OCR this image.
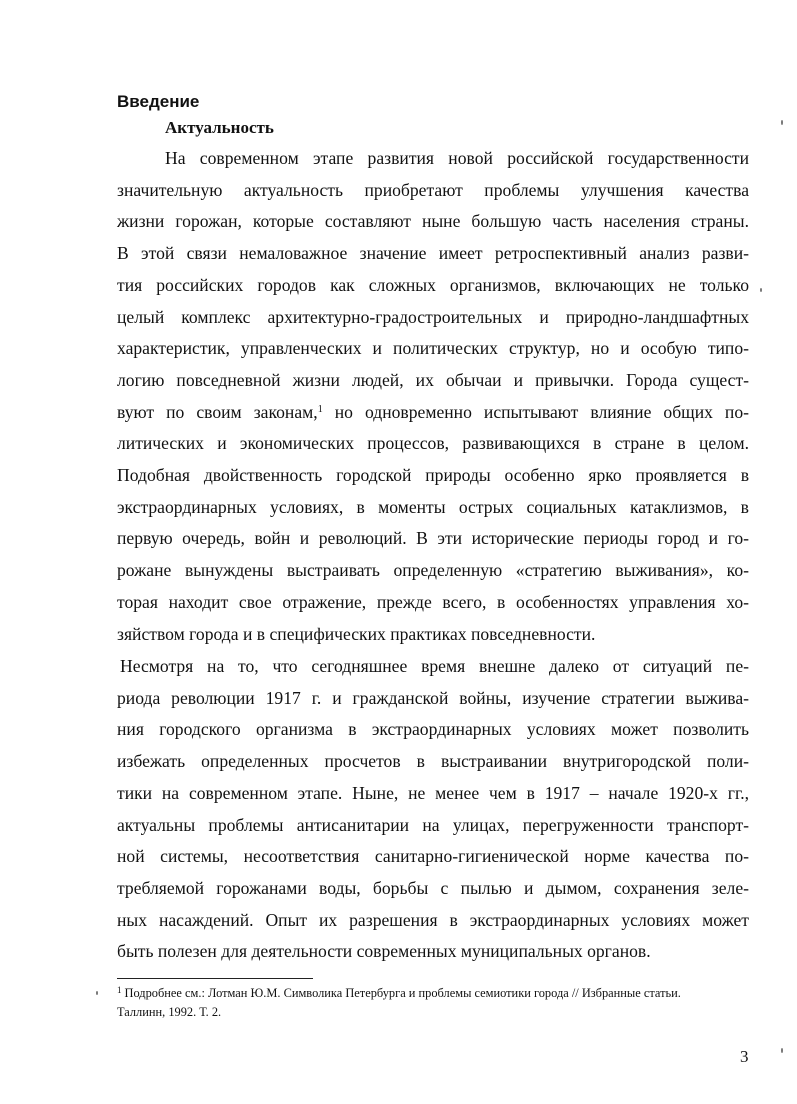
Введение
Актуальность
На современном этапе развития новой российской государственности
значительную актуальность приобретают проблемы улучшения качества
жизни горожан, которые составляют ныне большую часть населения страны.
В этой связи немаловажное значение имеет ретроспективный анализ разви-
тия российских городов как сложных организмов, включающих не только
целый комплекс архитектурно-градостроительных и природно-ландшафтных
характеристик, управленческих и политических структур, но и особую типо-
логию повседневной жизни людей, их обычаи и привычки. Города сущест-
вуют по своим законам,$^1$ но одновременно испытывают влияние общих по-
литических и экономических процессов, развивающихся в стране в целом.
Подобная двойственность городской природы особенно ярко проявляется в
экстраординарных условиях, в моменты острых социальных катаклизмов, в
первую очередь, войн и революций. В эти исторические периоды город и го-
рожане вынуждены выстраивать определенную «стратегию выживания», ко-
торая находит свое отражение, прежде всего, в особенностях управления хо-
зяйством города и в специфических практиках повседневности.
Несмотря на то, что сегодняшнее время внешне далеко от ситуаций пе-
риода революции 1917 г. и гражданской войны, изучение стратегии выжива-
ния городского организма в экстраординарных условиях может позволить
избежать определенных просчетов в выстраивании внутригородской поли-
тики на современном этапе. Ныне, не менее чем в 1917 – начале 1920-х гг.,
актуальны проблемы антисанитарии на улицах, перегруженности транспорт-
ной системы, несоответствия санитарно-гигиенической норме качества по-
требляемой горожанами воды, борьбы с пылью и дымом, сохранения зеле-
ных насаждений. Опыт их разрешения в экстраординарных условиях может
быть полезен для деятельности современных муниципальных органов.
$^1$ Подробнее см.: Лотман Ю.М. Символика Петербурга и проблемы семиотики города // Избранные статьи.
Таллинн, 1992. Т. 2.
3
